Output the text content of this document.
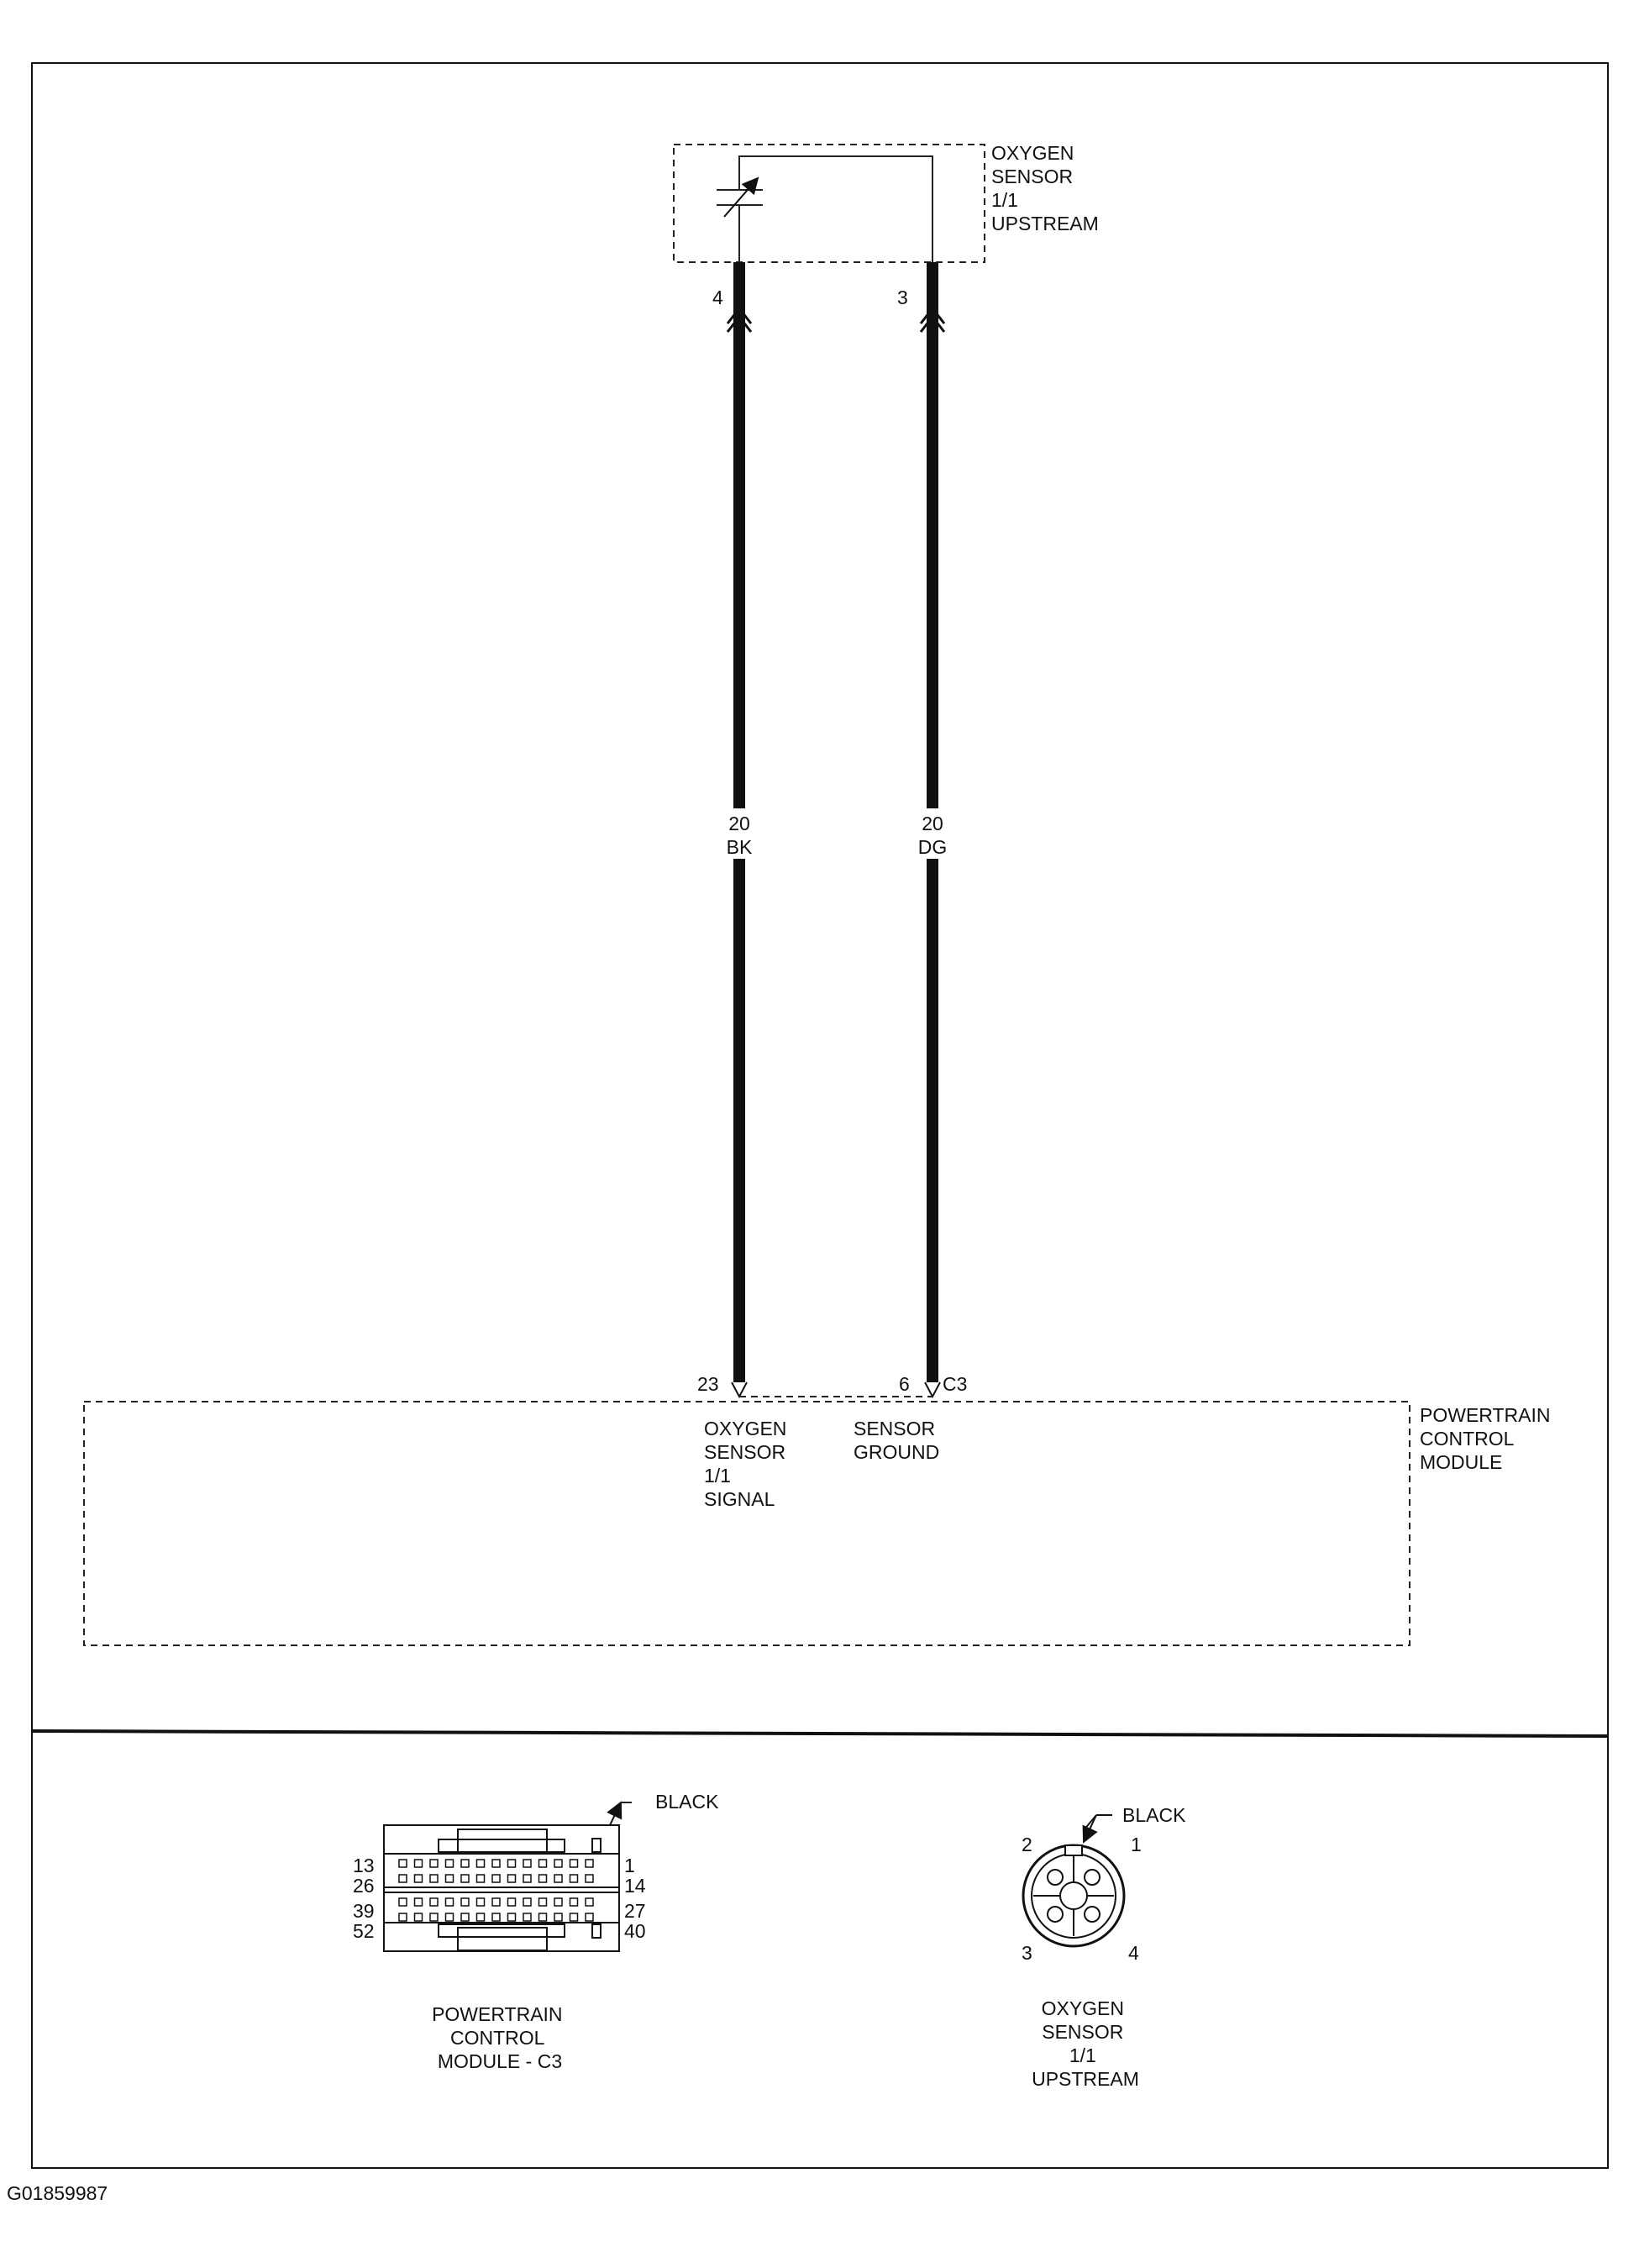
OXYGEN SENSOR 1/1 UPSTREAM
20
BK
20
DG
4	3
23	6 C3
OXYGEN SENSOR 1/1 SIGNAL
SENSOR GROUND
POWERTRAIN CONTROL MODULE
BLACK
13
26
39
52
1
14
27
40
POWERTRAIN CONTROL MODULE - C3
BLACK
1
2
3	4
OXYGEN SENSOR 1/1 UPSTREAM
G01859987
